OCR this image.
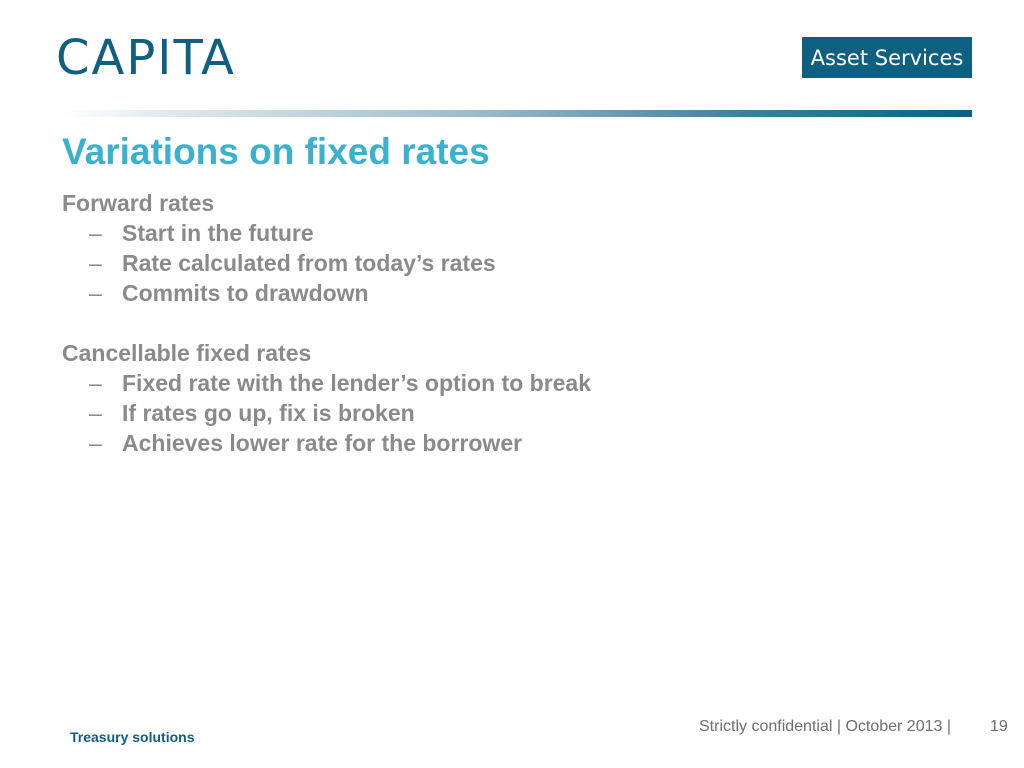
CAPITA	Asset Services
Variations on fixed rates
Forward rates
– Start in the future
– Rate calculated from today’s rates
– Commits to drawdown
Cancellable fixed rates
– Fixed rate with the lender’s option to break
– If rates go up, fix is broken
– Achieves lower rate for the borrower
Treasury solutions
Strictly confidential | October 2013 | 19
